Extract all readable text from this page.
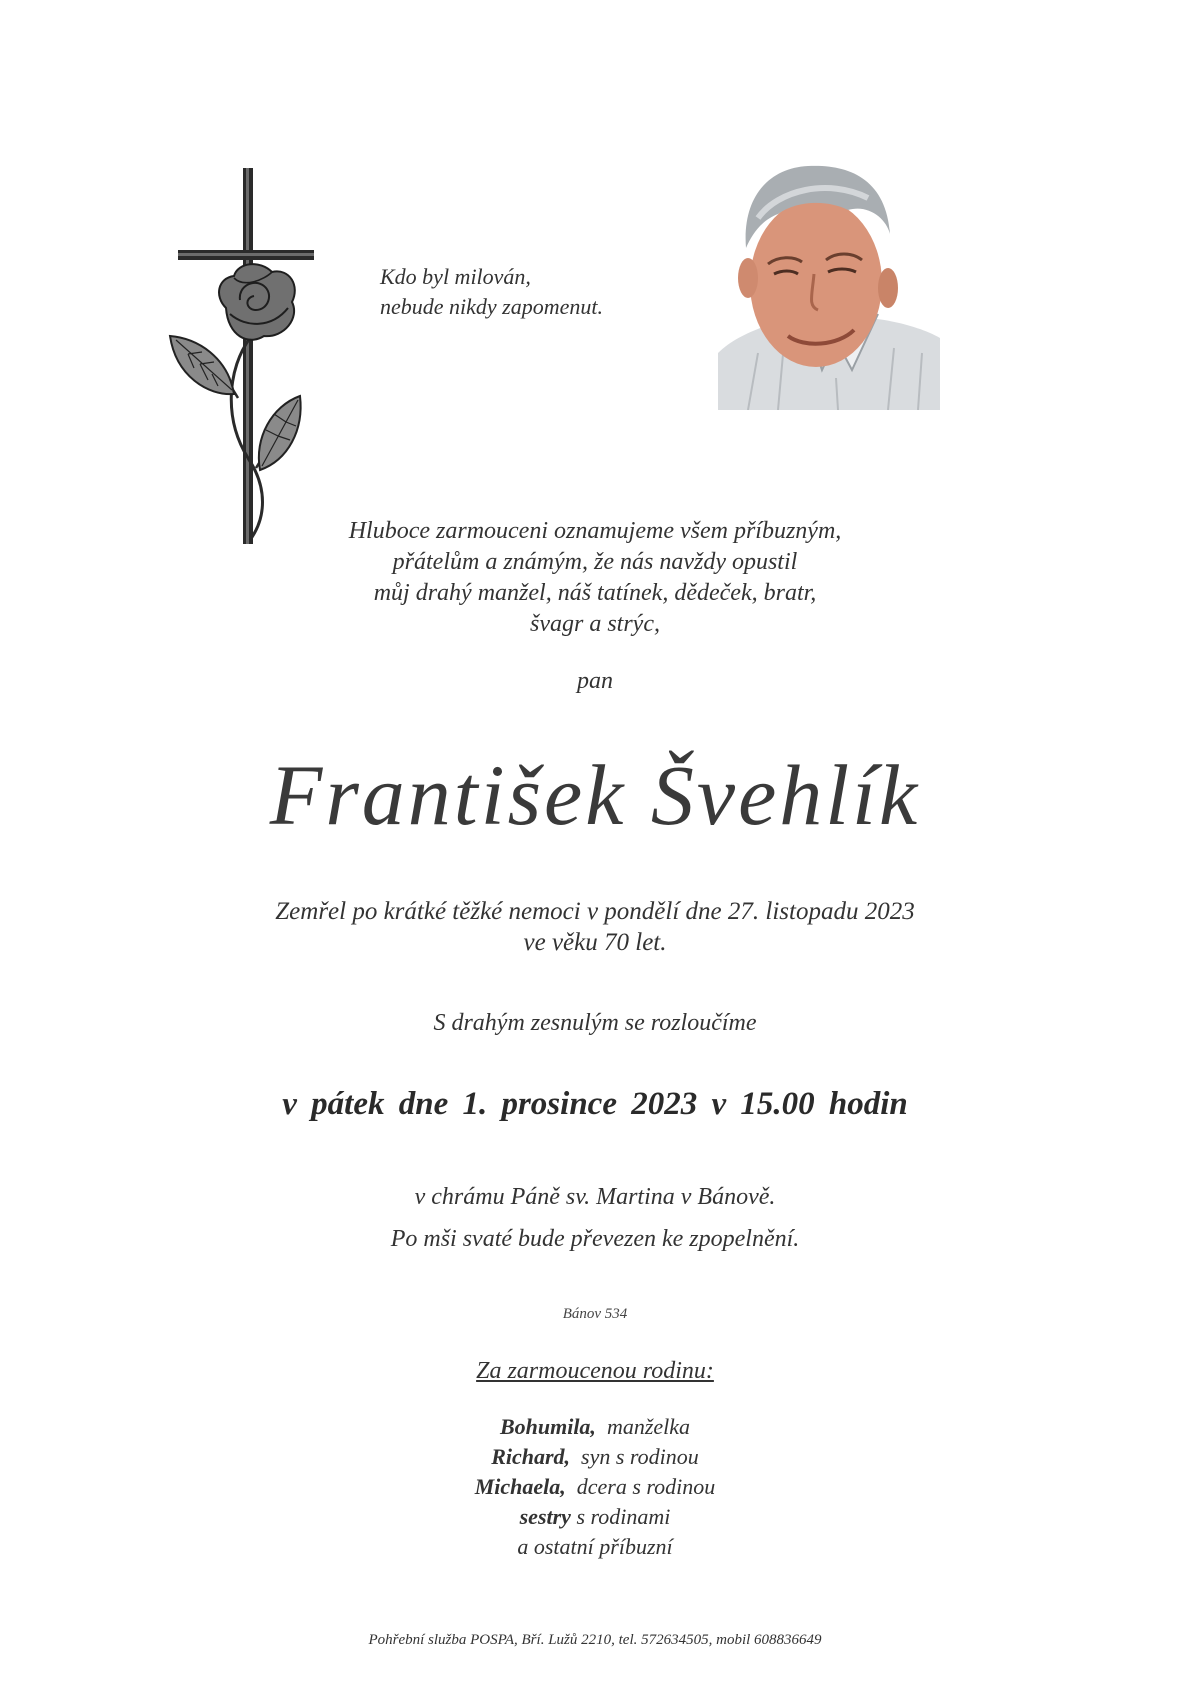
Kdo byl milován,
nebude nikdy zapomenut.
Hluboce zarmouceni oznamujeme všem příbuzným,
přátelům a známým, že nás navždy opustil
můj drahý manžel, náš tatínek, dědeček, bratr,
švagr a strýc,
pan
František Švehlík
Zemřel po krátké těžké nemoci v pondělí dne 27. listopadu 2023
ve věku 70 let.
S drahým zesnulým se rozloučíme
v pátek dne 1. prosince 2023 v 15.00 hodin
v chrámu Páně sv. Martina v Bánově.
Po mši svaté bude převezen ke zpopelnění.
Bánov 534
Za zarmoucenou rodinu:
Bohumila, manželka
Richard, syn s rodinou
Michaela, dcera s rodinou
sestry s rodinami
a ostatní příbuzní
Pohřební služba POSPA, Bří. Lužů 2210, tel. 572634505, mobil 608836649
